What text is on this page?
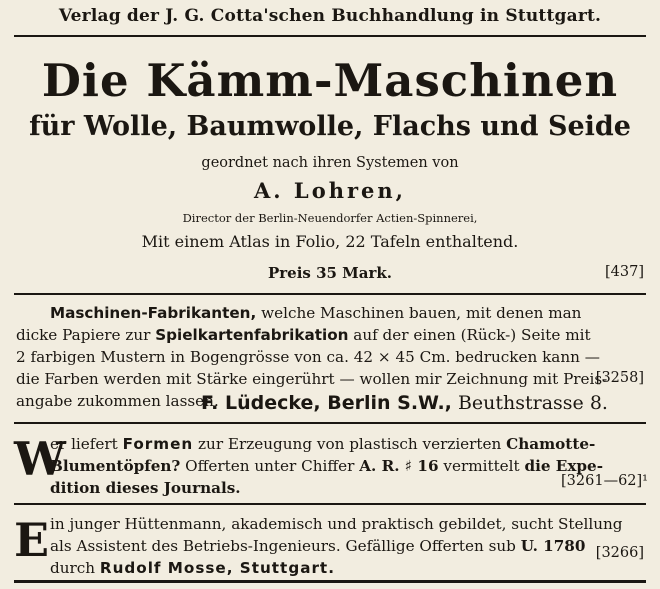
Verlag der J. G. Cotta'schen Buchhandlung in Stuttgart.
Die Kämm-Maschinen
für Wolle, Baumwolle, Flachs und Seide
geordnet nach ihren Systemen von
A. Lohren,
Director der Berlin-Neuendorfer Actien-Spinnerei,
Mit einem Atlas in Folio, 22 Tafeln enthaltend.
Preis 35 Mark.	[437]
Maschinen-Fabrikanten, welche Maschinen bauen, mit denen man
dicke Papiere zur Spielkartenfabrikation auf der einen (Rück-) Seite mit
2 farbigen Mustern in Bogengrösse von ca. 42 × 45 Cm. bedrucken kann —
die Farben werden mit Stärke eingerührt — wollen mir Zeichnung mit Preis-
angabe zukommen lassen.
[3258]
F. Lüdecke, Berlin S.W., Beuthstrasse 8.
W
er liefert Formen zur Erzeugung von plastisch verzierten Chamotte-
Blumentöpfen? Offerten unter Chiffer A. R. ♯ 16 vermittelt die Expe-
dition dieses Journals.	[3261—62]¹
E in junger Hüttenmann, akademisch und praktisch gebildet, sucht Stellung
als Assistent des Betriebs-Ingenieurs. Gefällige Offerten sub U. 1780
durch Rudolf Mosse, Stuttgart.
[3266]
